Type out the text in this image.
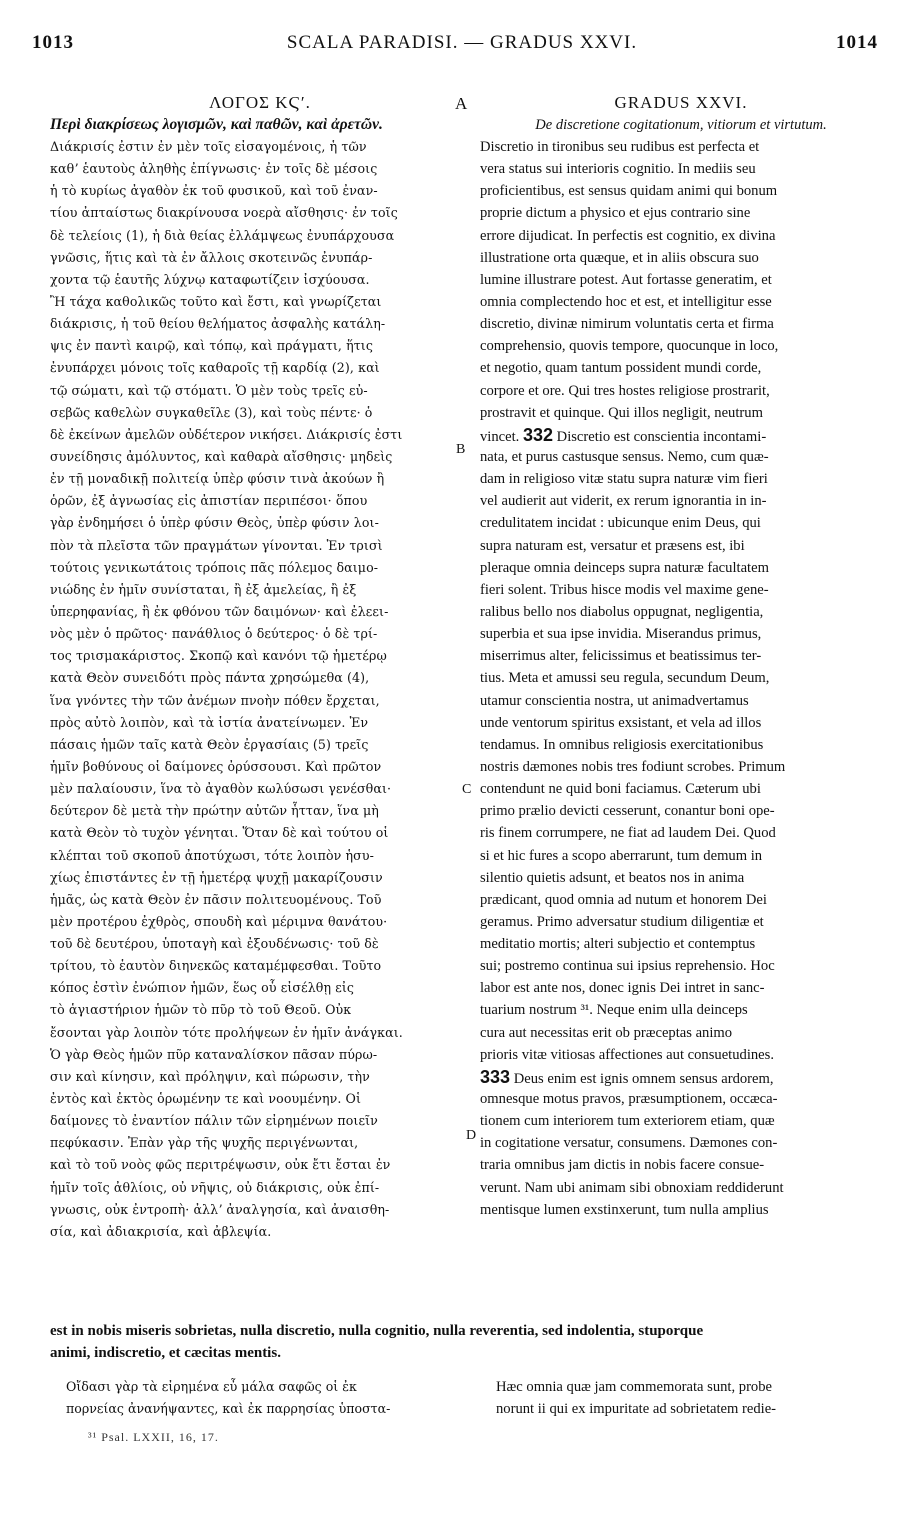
1013	SCALA PARADISI. — GRADUS XXVI.	1014
ΛΟΓΟΣ ΚϚʹ.
Περὶ διακρίσεως λογισμῶν, καὶ παθῶν, καὶ ἀρετῶν.
Διάκρισίς ἐστιν ἐν μὲν τοῖς εἰσαγομένοις, ἡ τῶν
καθʼ ἑαυτοὺς ἀληθὴς ἐπίγνωσις· ἐν τοῖς δὲ μέσοις
ἡ τὸ κυρίως ἀγαθὸν ἐκ τοῦ φυσικοῦ, καὶ τοῦ ἐναν-
τίου ἀπταίστως διακρίνουσα νοερὰ αἴσθησις· ἐν τοῖς
δὲ τελείοις (1), ἡ διὰ θείας ἐλλάμψεως ἐνυπάρχουσα
γνῶσις, ἥτις καὶ τὰ ἐν ἄλλοις σκοτεινῶς ἐνυπάρ-
χοντα τῷ ἑαυτῆς λύχνῳ καταφωτίζειν ἰσχύουσα.
Ἢ τάχα καθολικῶς τοῦτο καὶ ἔστι, καὶ γνωρίζεται
διάκρισις, ἡ τοῦ θείου θελήματος ἀσφαλὴς κατάλη-
ψις ἐν παντὶ καιρῷ, καὶ τόπῳ, καὶ πράγματι, ἥτις
ἐνυπάρχει μόνοις τοῖς καθαροῖς τῇ καρδίᾳ (2), καὶ
τῷ σώματι, καὶ τῷ στόματι. Ὁ μὲν τοὺς τρεῖς εὐ-
σεβῶς καθελὼν συγκαθεῖλε (3), καὶ τοὺς πέντε· ὁ
δὲ ἐκείνων ἀμελῶν οὐδέτερον νικήσει. Διάκρισίς ἐστι
συνείδησις ἀμόλυντος, καὶ καθαρὰ αἴσθησις· μηδεὶς
ἐν τῇ μοναδικῇ πολιτείᾳ ὑπὲρ φύσιν τινὰ ἀκούων ἢ
ὁρῶν, ἐξ ἀγνωσίας εἰς ἀπιστίαν περιπέσοι· ὅπου
γὰρ ἐνδημήσει ὁ ὑπὲρ φύσιν Θεὸς, ὑπὲρ φύσιν λοι-
πὸν τὰ πλεῖστα τῶν πραγμάτων γίνονται. Ἐν τρισὶ
τούτοις γενικωτάτοις τρόποις πᾶς πόλεμος δαιμο-
νιώδης ἐν ἡμῖν συνίσταται, ἢ ἐξ ἀμελείας, ἢ ἐξ
ὑπερηφανίας, ἢ ἐκ φθόνου τῶν δαιμόνων· καὶ ἐλεει-
νὸς μὲν ὁ πρῶτος· πανάθλιος ὁ δεύτερος· ὁ δὲ τρί-
τος τρισμακάριστος. Σκοπῷ καὶ κανόνι τῷ ἡμετέρῳ
κατὰ Θεὸν συνειδότι πρὸς πάντα χρησώμεθα (4),
ἵνα γνόντες τὴν τῶν ἀνέμων πνοὴν πόθεν ἔρχεται,
πρὸς αὐτὸ λοιπὸν, καὶ τὰ ἱστία ἀνατείνωμεν. Ἐν
πάσαις ἡμῶν ταῖς κατὰ Θεὸν ἐργασίαις (5) τρεῖς
ἡμῖν βοθύνους οἱ δαίμονες ὀρύσσουσι. Καὶ πρῶτον
μὲν παλαίουσιν, ἵνα τὸ ἀγαθὸν κωλύσωσι γενέσθαι·
δεύτερον δὲ μετὰ τὴν πρώτην αὐτῶν ἧτταν, ἵνα μὴ
κατὰ Θεὸν τὸ τυχὸν γένηται. Ὅταν δὲ καὶ τούτου οἱ
κλέπται τοῦ σκοποῦ ἀποτύχωσι, τότε λοιπὸν ἡσυ-
χίως ἐπιστάντες ἐν τῇ ἡμετέρᾳ ψυχῇ μακαρίζουσιν
ἡμᾶς, ὡς κατὰ Θεὸν ἐν πᾶσιν πολιτευομένους. Τοῦ
μὲν προτέρου ἐχθρὸς, σπουδὴ καὶ μέριμνα θανάτου·
τοῦ δὲ δευτέρου, ὑποταγὴ καὶ ἐξουδένωσις· τοῦ δὲ
τρίτου, τὸ ἑαυτὸν διηνεκῶς καταμέμφεσθαι. Τοῦτο
κόπος ἐστὶν ἐνώπιον ἡμῶν, ἕως οὗ εἰσέλθῃ εἰς
τὸ ἁγιαστήριον ἡμῶν τὸ πῦρ τὸ τοῦ Θεοῦ. Οὐκ
ἔσονται γὰρ λοιπὸν τότε προλήψεων ἐν ἡμῖν ἀνάγκαι.
Ὁ γὰρ Θεὸς ἡμῶν πῦρ καταναλίσκον πᾶσαν πύρω-
σιν καὶ κίνησιν, καὶ πρόληψιν, καὶ πώρωσιν, τὴν
ἐντὸς καὶ ἐκτὸς ὁρωμένην τε καὶ νοουμένην. Οἱ
δαίμονες τὸ ἐναντίον πάλιν τῶν εἰρημένων ποιεῖν
πεφύκασιν. Ἐπὰν γὰρ τῆς ψυχῆς περιγένωνται,
καὶ τὸ τοῦ νοὸς φῶς περιτρέψωσιν, οὐκ ἔτι ἔσται ἐν
ἡμῖν τοῖς ἀθλίοις, οὐ νῆψις, οὐ διάκρισις, οὐκ ἐπί-
γνωσις, οὐκ ἐντροπὴ· ἀλλʼ ἀναλγησία, καὶ ἀναισθη-
σία, καὶ ἀδιακρισία, καὶ ἀβλεψία.
GRADUS XXVI.
De discretione cogitationum, vitiorum et virtutum.
Discretio in tironibus seu rudibus est perfecta et
vera status sui interioris cognitio. In mediis seu
proficientibus, est sensus quidam animi qui bonum
proprie dictum a physico et ejus contrario sine
errore dijudicat. In perfectis est cognitio, ex divina
illustratione orta quæque, et in aliis obscura suo
lumine illustrare potest. Aut fortasse generatim, et
omnia complectendo hoc et est, et intelligitur esse
discretio, divinæ nimirum voluntatis certa et firma
comprehensio, quovis tempore, quocunque in loco,
et negotio, quam tantum possident mundi corde,
corpore et ore. Qui tres hostes religiose prostrarit,
prostravit et quinque. Qui illos negligit, neutrum
vincet. 332 Discretio est conscientia incontami-
nata, et purus castusque sensus. Nemo, cum quæ-
dam in religioso vitæ statu supra naturæ vim fieri
vel audierit aut viderit, ex rerum ignorantia in in-
credulitatem incidat : ubicunque enim Deus, qui
supra naturam est, versatur et præsens est, ibi
pleraque omnia deinceps supra naturæ facultatem
fieri solent. Tribus hisce modis vel maxime gene-
ralibus bello nos diabolus oppugnat, negligentia,
superbia et sua ipse invidia. Miserandus primus,
miserrimus alter, felicissimus et beatissimus ter-
tius. Meta et amussi seu regula, secundum Deum,
utamur conscientia nostra, ut animadvertamus
unde ventorum spiritus exsistant, et vela ad illos
tendamus. In omnibus religiosis exercitationibus
nostris dæmones nobis tres fodiunt scrobes. Primum
contendunt ne quid boni faciamus. Cæterum ubi
primo prælio devicti cesserunt, conantur boni ope-
ris finem corrumpere, ne fiat ad laudem Dei. Quod
si et hic fures a scopo aberrarunt, tum demum in
silentio quietis adsunt, et beatos nos in anima
prædicant, quod omnia ad nutum et honorem Dei
geramus. Primo adversatur studium diligentiæ et
meditatio mortis; alteri subjectio et contemptus
sui; postremo continua sui ipsius reprehensio. Hoc
labor est ante nos, donec ignis Dei intret in sanc-
tuarium nostrum ³¹. Neque enim ulla deinceps
cura aut necessitas erit ob præceptas animo
prioris vitæ vitiosas affectiones aut consuetudines.
333 Deus enim est ignis omnem sensus ardorem,
omnesque motus pravos, præsumptionem, occæca-
tionem cum interiorem tum exteriorem etiam, quæ
in cogitatione versatur, consumens. Dæmones con-
traria omnibus jam dictis in nobis facere consue-
verunt. Nam ubi animam sibi obnoxiam reddiderunt
mentisque lumen exstinxerunt, tum nulla amplius
A
B
C
D
est in nobis miseris sobrietas, nulla discretio, nulla cognitio, nulla reverentia, sed indolentia, stuporque
animi, indiscretio, et cæcitas mentis.
Οἴδασι γὰρ τὰ εἰρημένα εὖ μάλα σαφῶς οἱ ἐκ
πορνείας ἀνανήψαντες, καὶ ἐκ παρρησίας ὑποστα-
Hæc omnia quæ jam commemorata sunt, probe
norunt ii qui ex impuritate ad sobrietatem redie-
³¹ Psal. LXXII, 16, 17.
